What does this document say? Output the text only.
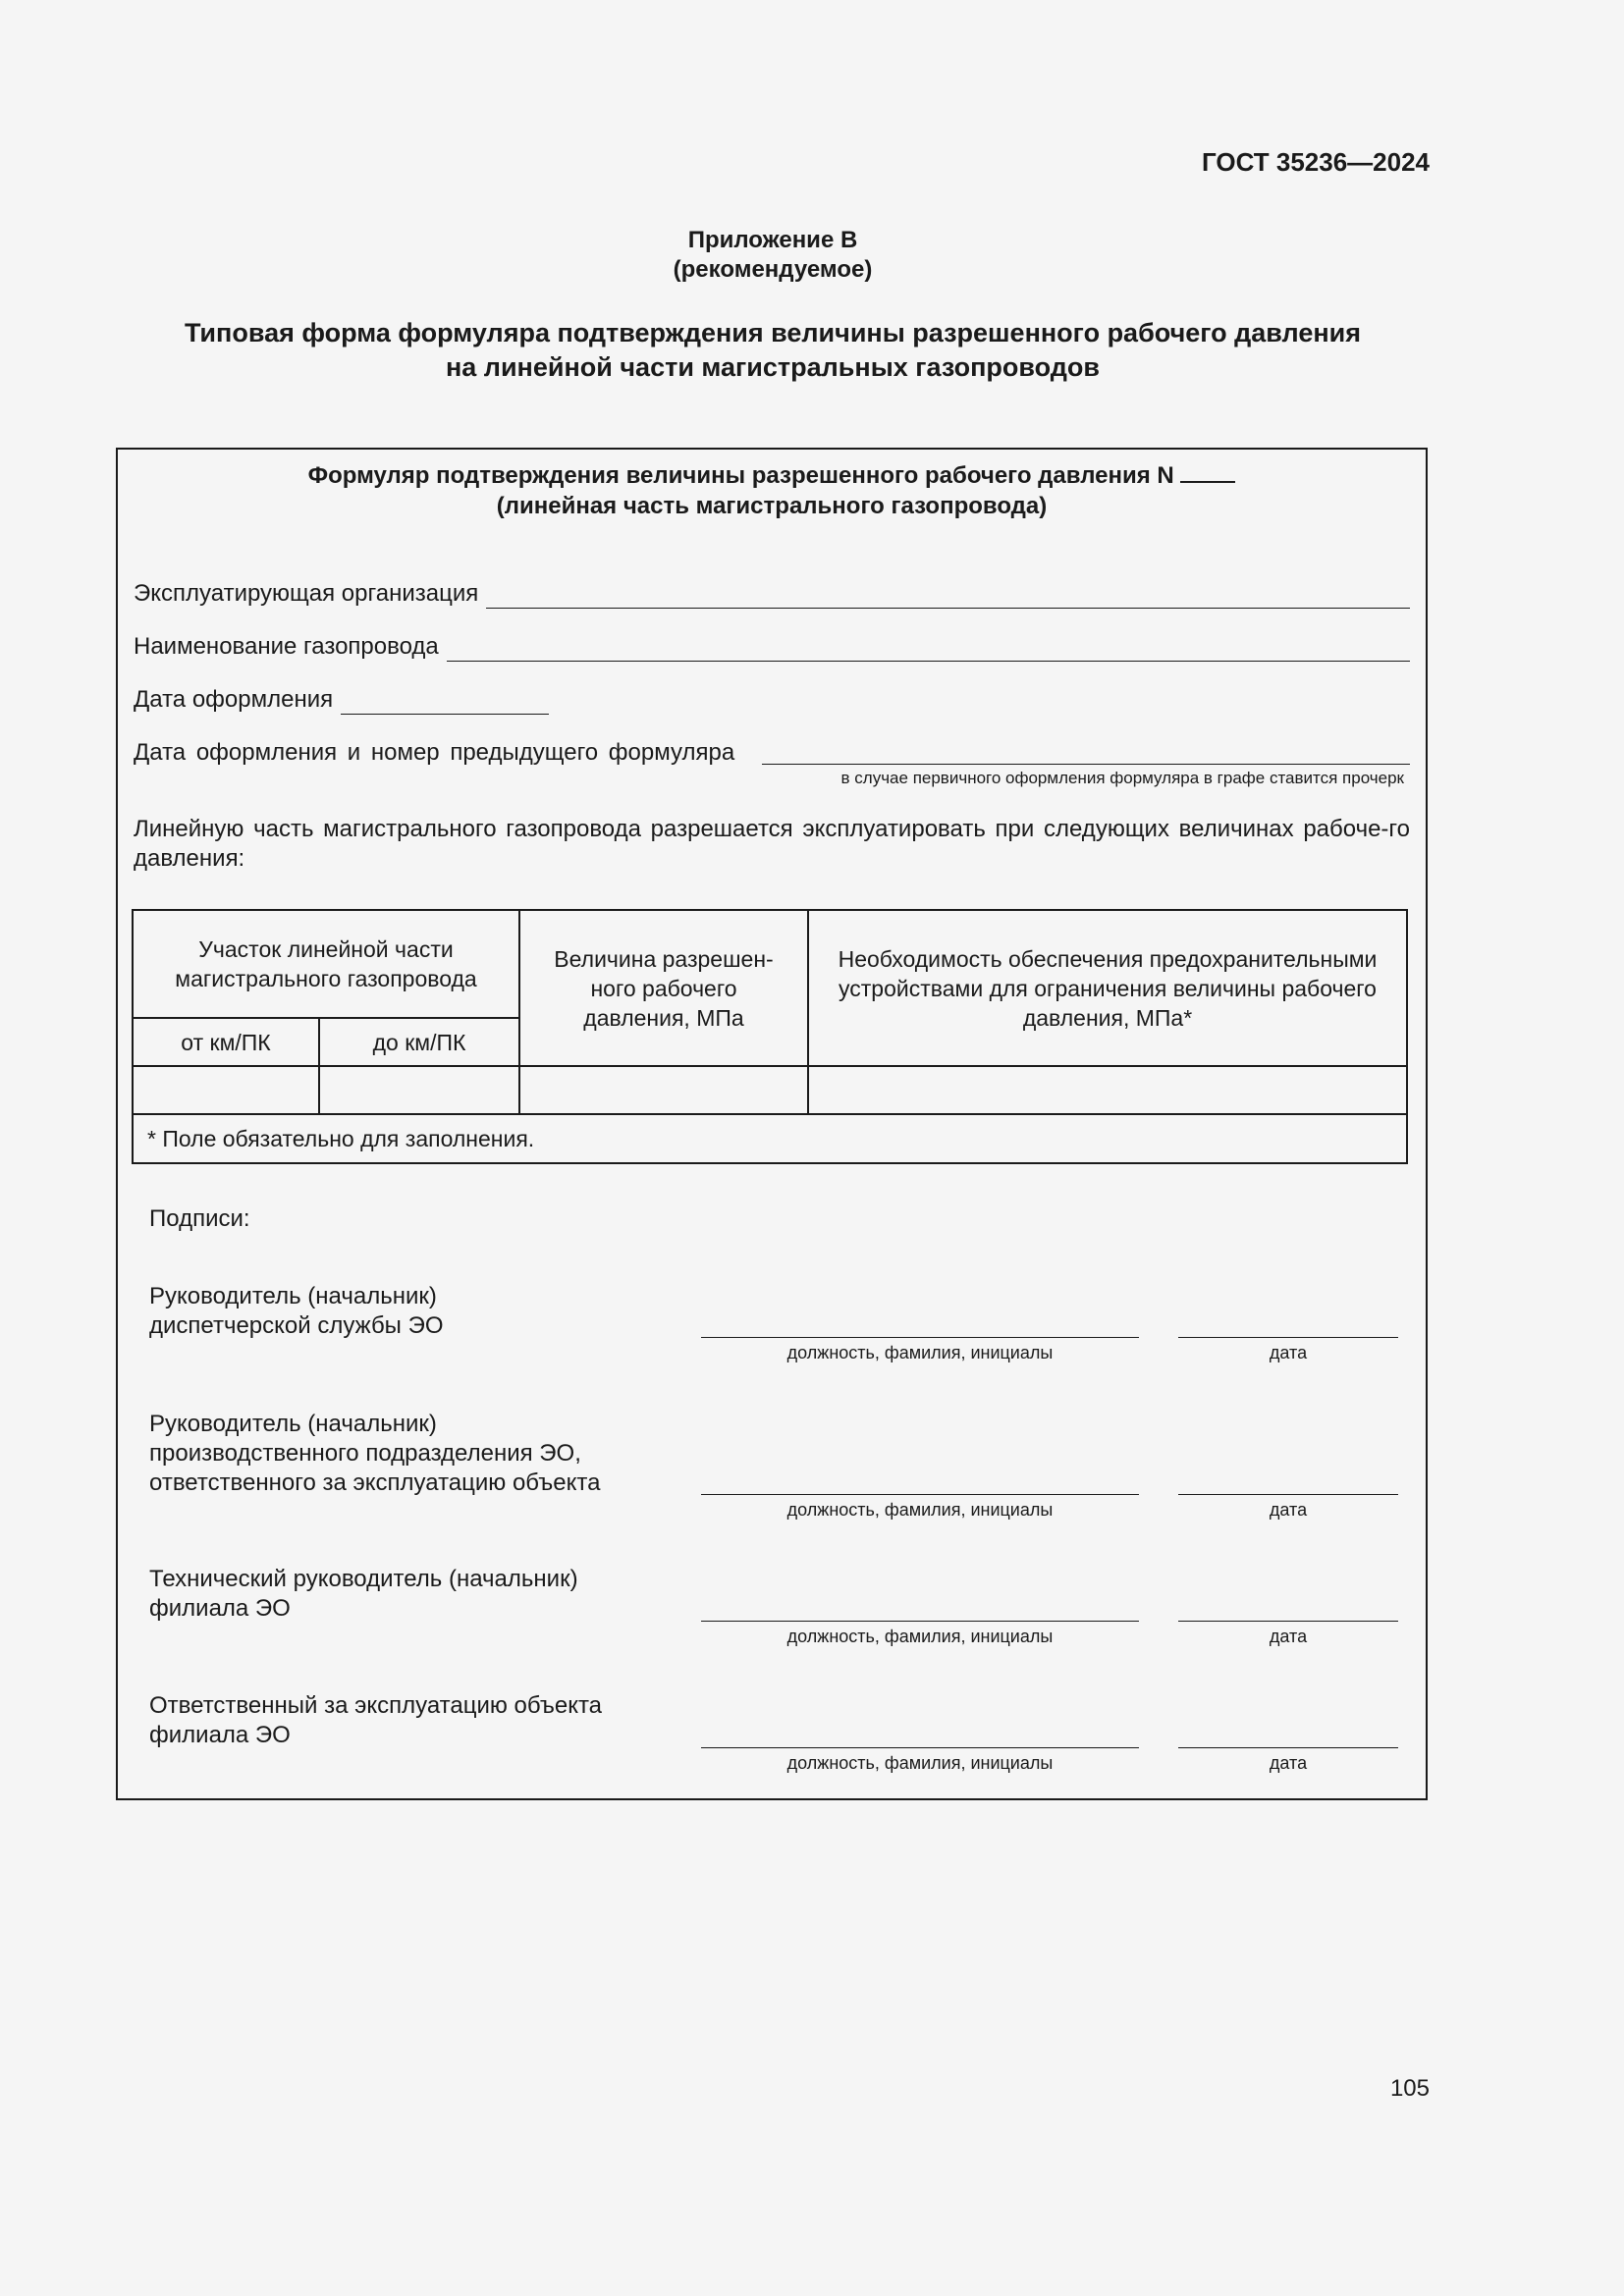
ГОСТ 35236—2024
Приложение В
(рекомендуемое)
Типовая форма формуляра подтверждения величины разрешенного рабочего давления
на линейной части магистральных газопроводов
Формуляр подтверждения величины разрешенного рабочего давления N
(линейная часть магистрального газопровода)
Эксплуатирующая организация
Наименование газопровода
Дата оформления
Дата оформления и номер предыдущего формуляра
в случае первичного оформления формуляра в графе ставится прочерк
Линейную часть магистрального газопровода разрешается эксплуатировать при следующих величинах рабоче-го давления:
Участок линейной части магистрального газопровода		Величина разрешен-ного рабочего давления, МПа	Необходимость обеспечения предохранительными устройствами для ограничения величины рабочего давления, МПа*

от км/ПК	до км/ПК		

* Поле обязательно для заполнения.			
Подписи:
Руководитель (начальник)
диспетчерской службы ЭО
должность, фамилия, инициалы	дата
Руководитель (начальник)
производственного подразделения ЭО,
ответственного за эксплуатацию объекта
должность, фамилия, инициалы	дата
Технический руководитель (начальник)
филиала ЭО
должность, фамилия, инициалы	дата
Ответственный за эксплуатацию объекта
филиала ЭО
должность, фамилия, инициалы	дата
105
